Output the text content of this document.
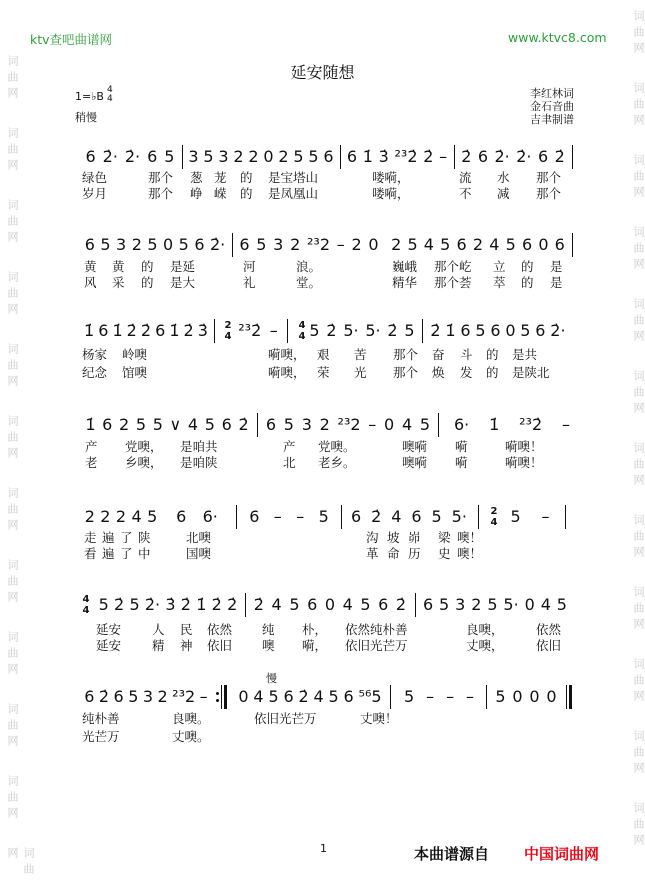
ktv查吧曲谱网	www.ktvc8.com
延安随想
1=♭B 4
4
稍慢
李红林词
金石音曲
吉聿制谱
6 2̇· 2̇· 6 5 3 5 3 2 2 0 2 5 5 6 6 1̇ 3̇ ²³2̇ 2̇ – 2̇ 6 2̇· 2̇· 6 2̇
绿色	那个 葱 茏 的 是宝塔山	喽嗬，	流 水 那个
岁月	那个 峥 嵘 的 是凤凰山	喽嗬，	不 减 那个
6 5 3 2 5 0 5 6 2̇· 6 5 3 2 ²³2 – 2 0 2 5 4 5 6 2 4 5 6 0 6
黄 黄 的 是延	河	浪。	巍峨 那个屹 立 的 是
风 采 的 是大	礼	堂。	精华 那个荟 萃 的 是
1̇ 6 1̇ 2̇ 2̇ 6 1̇ 2̇ 3̇ 2
4 ²³2̇ – 4
4 5 2̇ 5· 5· 2̇ 5 2̇ 1̇ 6 5 6 0 5 6 2̇·
杨家 岭噢	嗬噢， 艰 苦 那个 奋 斗 的 是共
纪念 馆噢	嗬噢， 荣 光 那个 焕 发 的 是陕北
1̇ 6 2 5 5 ∨ 4 5 6 2̇ 6 5 3 2 ²³2 – 0 4 5 6· 1̇ ²³2̇ –
产 党噢， 是咱共	产 党噢。	噢嗬 嗬	嗬噢！
老 乡噢， 是咱陕	北 老乡。	噢嗬 嗬	嗬噢！
2 2 2 4 5 6 6· 6 – – 5 6 2̇ 4 6 5 5· 2
4 5 –
走 遍 了 陕	北噢	沟 坡 峁 梁 噢！
看 遍 了 中	国噢	革 命 历 史 噢！
4
4 5 2̇ 5 2̇· 3̇ 2̇ 1̇ 2̇ 2̇ 2̇ 4 5 6 0 4 5 6 2̇ 6 5 3 2 5 5· 0 4 5
延安 人 民 依然 纯 朴， 依然纯朴善	良噢，	依然
延安 精 神 依旧 噢 嗬， 依旧光芒万	丈噢，	依旧
6 2̇ 6 5 3 2 ²³2 – 0 4 5 6 2̇ 4 5 6 ⁵⁶5 5 – – – 5 0 0 0
慢
纯朴善	良噢。	依旧光芒万	丈噢！
光芒万	丈噢。
词曲网
词曲网
词曲网
词曲网
词曲网
词曲网
词曲网
词曲网
词曲网
词曲网
词曲网
词曲网
词曲网
词曲网
词曲网
词曲网
词曲网
词曲网
词曲网
词曲网
词曲网
词曲网
词曲网
词曲网
1	本曲谱源自 中国词曲网
